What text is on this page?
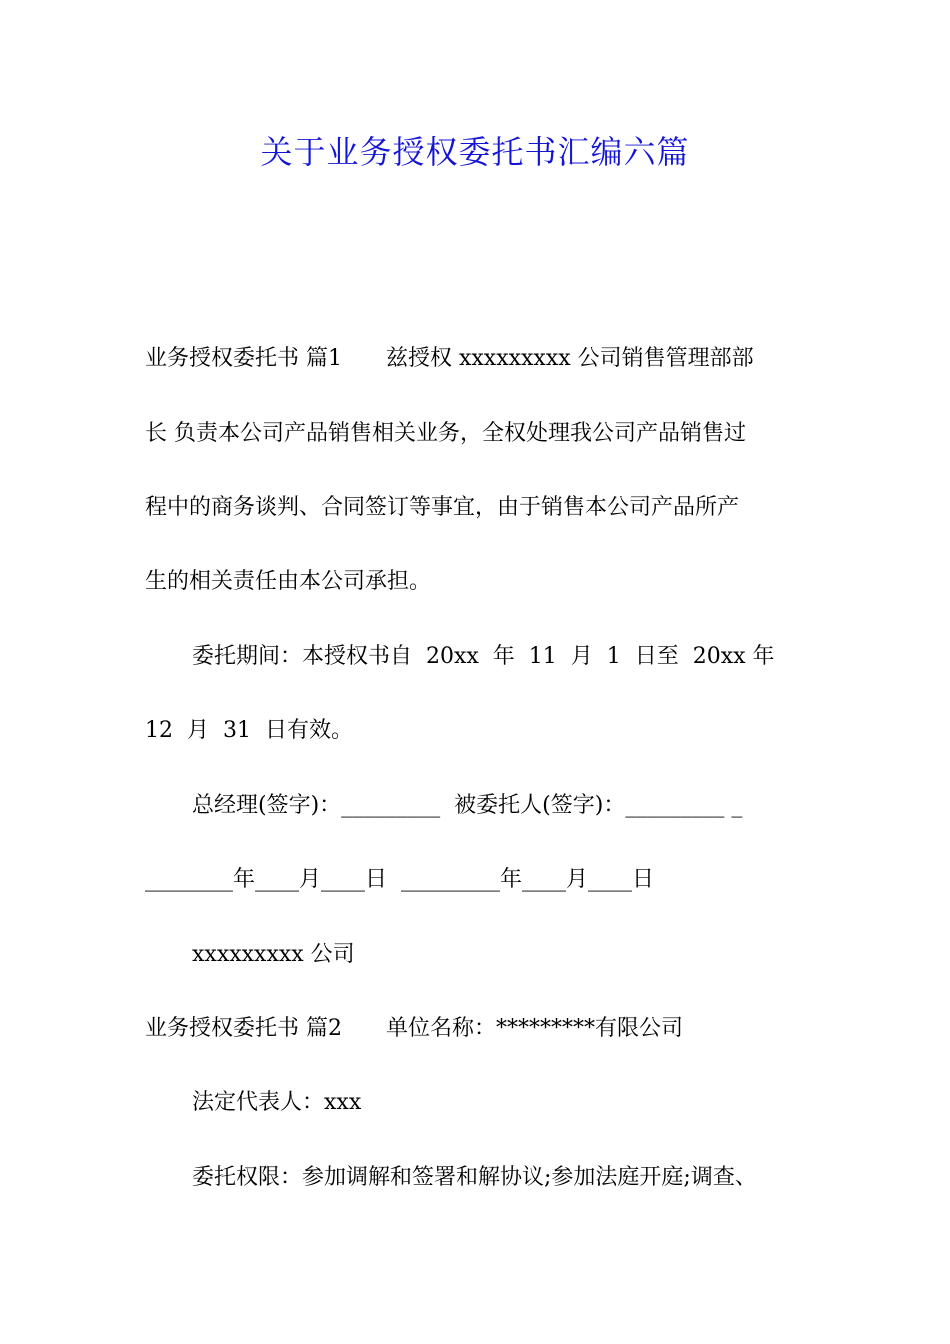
关于业务授权委托书汇编六篇
业务授权委托书 篇1　　兹授权 xxxxxxxxx 公司销售管理部部
长 负责本公司产品销售相关业务，全权处理我公司产品销售过
程中的商务谈判、合同签订等事宜，由于销售本公司产品所产
生的相关责任由本公司承担。
委托期间：本授权书自  20xx  年  11  月  1  日至  20xx 年
12  月  31  日有效。
总经理(签字)：_________  被委托人(签字)：_________ _
________年____月____日  _________年____月____日
xxxxxxxxx 公司
业务授权委托书 篇2　　单位名称：*********有限公司
法定代表人：xxx
委托权限：参加调解和签署和解协议;参加法庭开庭;调查、
